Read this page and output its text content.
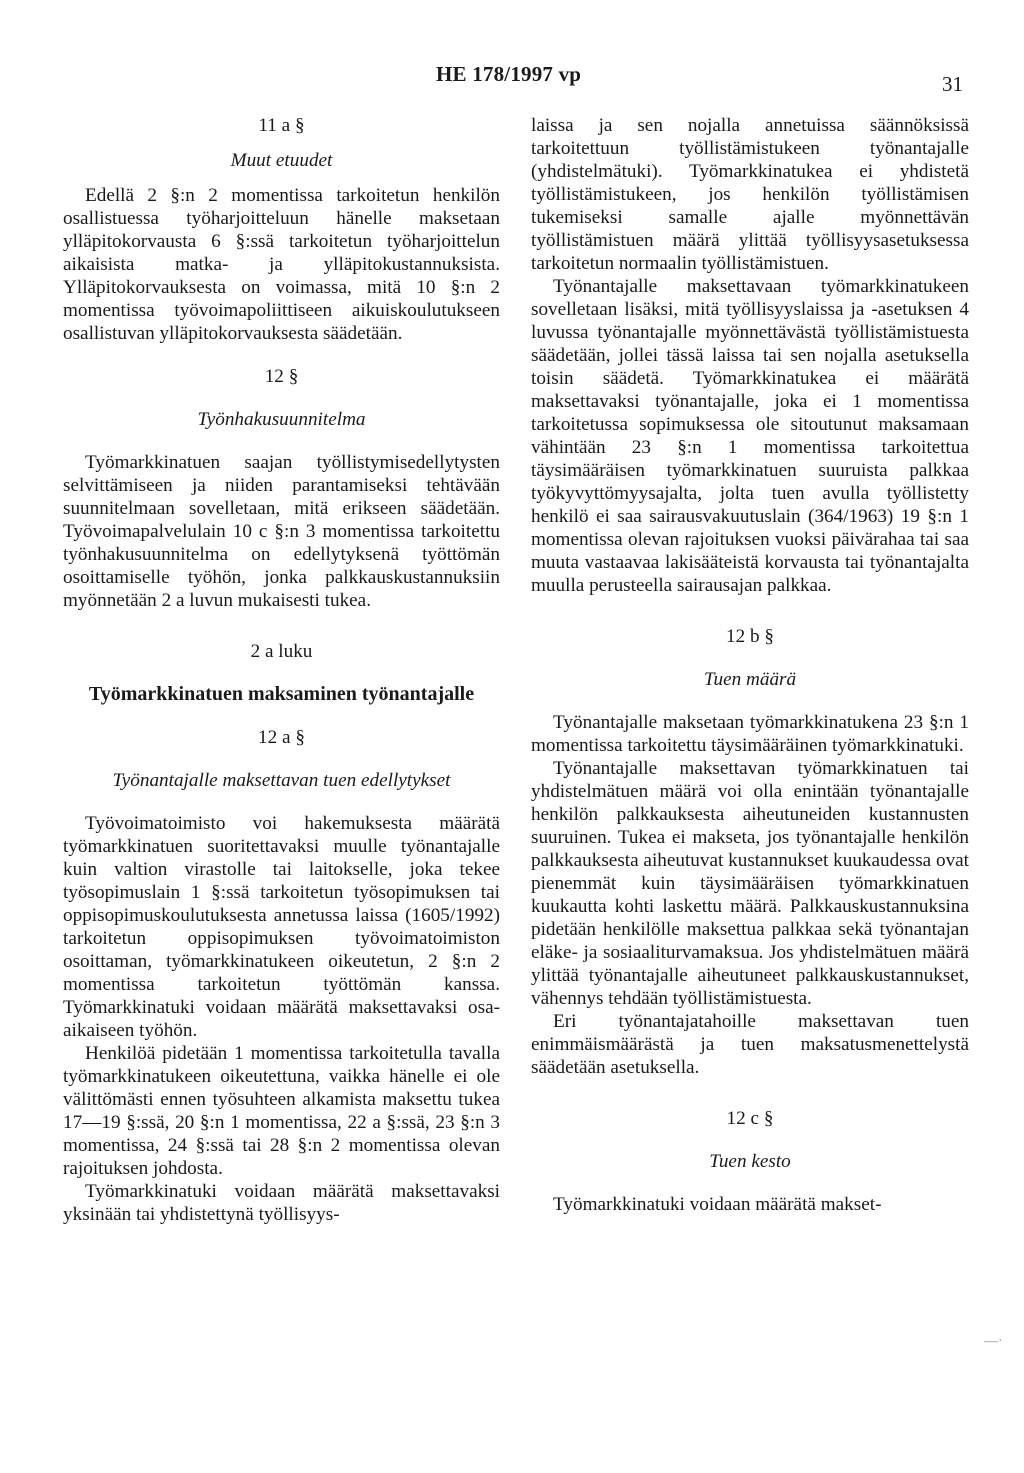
HE 178/1997 vp	31

11 a §

Muut etuudet

Edellä 2 §:n 2 momentissa tarkoitetun henkilön osallistuessa työharjoitteluun hänelle maksetaan ylläpitokorvausta 6 §:ssä tarkoitetun työharjoittelun aikaisista matka- ja ylläpitokustannuksista. Ylläpitokorvauksesta on voimassa, mitä 10 §:n 2 momentissa työvoimapoliittiseen aikuiskoulutukseen osallistuvan ylläpitokorvauksesta säädetään.

12 §

Työnhakusuunnitelma

Työmarkkinatuen saajan työllistymisedellytysten selvittämiseen ja niiden parantamiseksi tehtävään suunnitelmaan sovelletaan, mitä erikseen säädetään. Työvoimapalvelulain 10 c §:n 3 momentissa tarkoitettu työnhakusuunnitelma on edellytyksenä työttömän osoittamiselle työhön, jonka palkkauskustannuksiin myönnetään 2 a luvun mukaisesti tukea.

2 a luku

Työmarkkinatuen maksaminen työnantajalle

12 a §

Työnantajalle maksettavan tuen edellytykset

Työvoimatoimisto voi hakemuksesta määrätä työmarkkinatuen suoritettavaksi muulle työnantajalle kuin valtion virastolle tai laitokselle, joka tekee työsopimuslain 1 §:ssä tarkoitetun työsopimuksen tai oppisopimuskoulutuksesta annetussa laissa (1605/1992) tarkoitetun oppisopimuksen työvoimatoimiston osoittaman, työmarkkinatukeen oikeutetun, 2 §:n 2 momentissa tarkoitetun työttömän kanssa. Työmarkkinatuki voidaan määrätä maksettavaksi osa-aikaiseen työhön.

Henkilöä pidetään 1 momentissa tarkoitetulla tavalla työmarkkinatukeen oikeutettuna, vaikka hänelle ei ole välittömästi ennen työsuhteen alkamista maksettu tukea 17—19 §:ssä, 20 §:n 1 momentissa, 22 a §:ssä, 23 §:n 3 momentissa, 24 §:ssä tai 28 §:n 2 momentissa olevan rajoituksen johdosta.

Työmarkkinatuki voidaan määrätä maksettavaksi yksinään tai yhdistettynä työllisyys-

laissa ja sen nojalla annetuissa säännöksissä tarkoitettuun työllistämistukeen työnantajalle (yhdistelmätuki). Työmarkkinatukea ei yhdistetä työllistämistukeen, jos henkilön työllistämisen tukemiseksi samalle ajalle myönnettävän työllistämistuen määrä ylittää työllisyysasetuksessa tarkoitetun normaalin työllistämistuen.

Työnantajalle maksettavaan työmarkkinatukeen sovelletaan lisäksi, mitä työllisyyslaissa ja -asetuksen 4 luvussa työnantajalle myönnettävästä työllistämistuesta säädetään, jollei tässä laissa tai sen nojalla asetuksella toisin säädetä. Työmarkkinatukea ei määrätä maksettavaksi työnantajalle, joka ei 1 momentissa tarkoitetussa sopimuksessa ole sitoutunut maksamaan vähintään 23 §:n 1 momentissa tarkoitettua täysimääräisen työmarkkinatuen suuruista palkkaa työkyvyttömyysajalta, jolta tuen avulla työllistetty henkilö ei saa sairausvakuutuslain (364/1963) 19 §:n 1 momentissa olevan rajoituksen vuoksi päivärahaa tai saa muuta vastaavaa lakisääteistä korvausta tai työnantajalta muulla perusteella sairausajan palkkaa.

12 b §

Tuen määrä

Työnantajalle maksetaan työmarkkinatukena 23 §:n 1 momentissa tarkoitettu täysimääräinen työmarkkinatuki.

Työnantajalle maksettavan työmarkkinatuen tai yhdistelmätuen määrä voi olla enintään työnantajalle henkilön palkkauksesta aiheutuneiden kustannusten suuruinen. Tukea ei makseta, jos työnantajalle henkilön palkkauksesta aiheutuvat kustannukset kuukaudessa ovat pienemmät kuin täysimääräisen työmarkkinatuen kuukautta kohti laskettu määrä. Palkkauskustannuksina pidetään henkilölle maksettua palkkaa sekä työnantajan eläke- ja sosiaaliturvamaksua. Jos yhdistelmätuen määrä ylittää työnantajalle aiheutuneet palkkauskustannukset, vähennys tehdään työllistämistuesta.

Eri työnantajatahoille maksettavan tuen enimmäismäärästä ja tuen maksatusmenettelystä säädetään asetuksella.

12 c §

Tuen kesto

Työmarkkinatuki voidaan määrätä makset-

—·
